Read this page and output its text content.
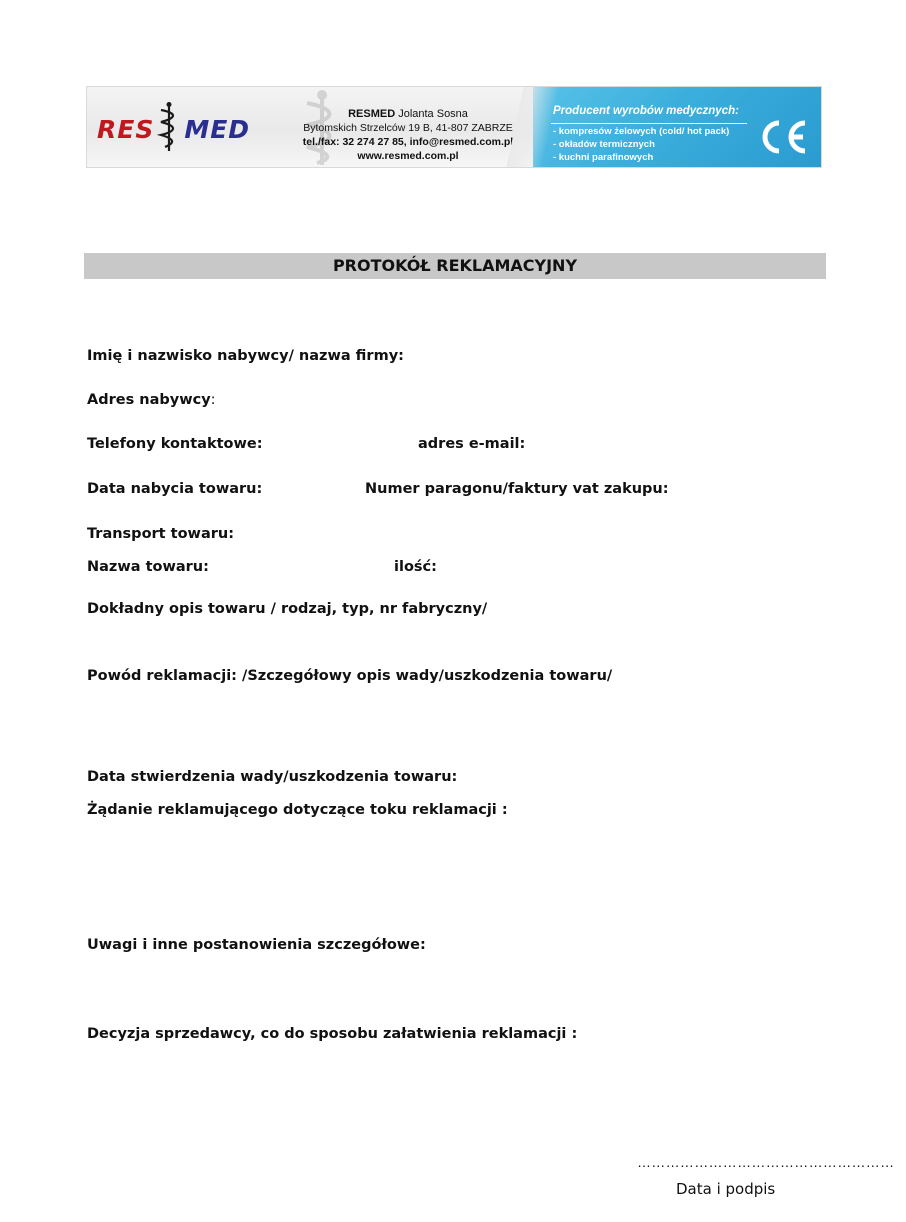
RES MED
RESMED Jolanta Sosna
Bytomskich Strzelców 19 B, 41-807 ZABRZE
tel./fax: 32 274 27 85, info@resmed.com.pl
www.resmed.com.pl
Producent wyrobów medycznych:
- kompresów żelowych (cold/ hot pack)
- okładów termicznych
- kuchni parafinowych
PROTOKÓŁ REKLAMACYJNY
Imię i nazwisko nabywcy/ nazwa firmy:
Adres nabywcy:
Telefony kontaktowe:	adres e-mail:
Data nabycia towaru:	Numer paragonu/faktury vat zakupu:
Transport towaru:
Nazwa towaru:	ilość:
Dokładny opis towaru / rodzaj, typ, nr fabryczny/
Powód reklamacji: /Szczegółowy opis wady/uszkodzenia towaru/
Data stwierdzenia wady/uszkodzenia towaru:
Żądanie reklamującego dotyczące toku reklamacji :
Uwagi i inne postanowienia szczegółowe:
Decyzja sprzedawcy, co do sposobu załatwienia reklamacji :
………………………………………………
Data i podpis
